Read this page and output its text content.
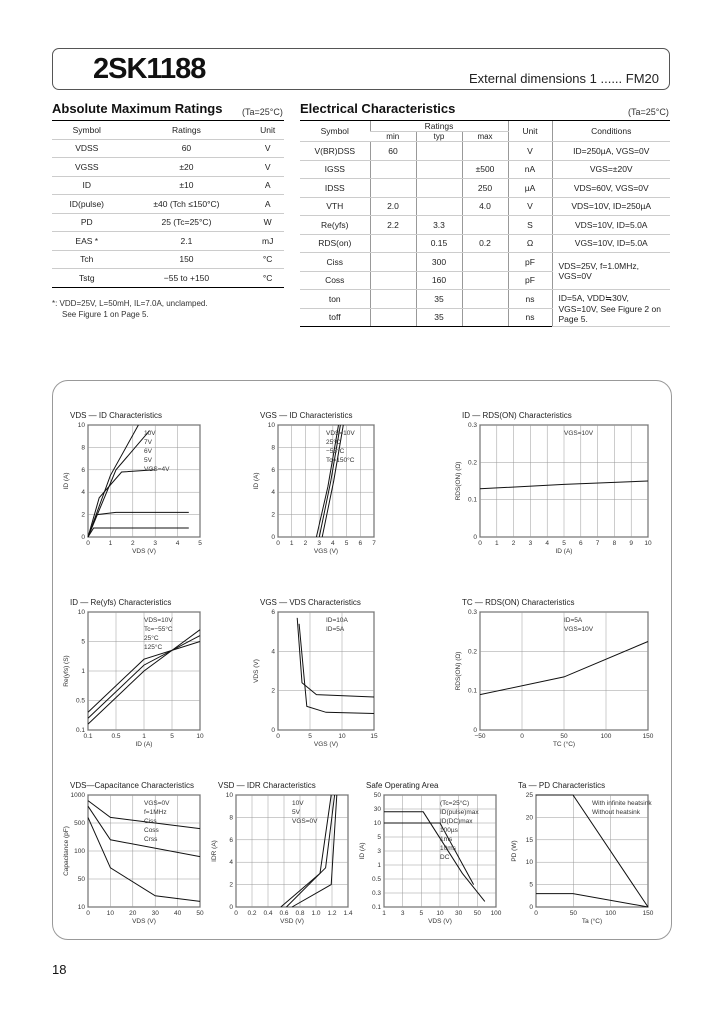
2SK1188	External dimensions 1 ...... FM20
Absolute Maximum Ratings (Ta=25°C)
Symbol	Ratings	Unit
VDSS	60	V
VGSS	±20	V
ID	±10	A
ID(pulse)	±40 (Tch ≤150°C)	A
PD	25 (Tc=25°C)	W
EAS *	2.1	mJ
Tch	150	°C
Tstg	−55 to +150	°C
*: VDD=25V, L=50mH, IL=7.0A, unclamped.
See Figure 1 on Page 5.
Electrical Characteristics	(Ta=25°C)
Symbol	Ratings			Unit	Conditions
	min	typ	max		
V(BR)DSS	60			V	ID=250µA, VGS=0V
IGSS			±500	nA	VGS=±20V
IDSS			250	µA	VDS=60V, VGS=0V
VTH	2.0		4.0	V	VDS=10V, ID=250µA
Re(yfs)	2.2	3.3		S	VDS=10V, ID=5.0A
RDS(on)		0.15	0.2	Ω	VGS=10V, ID=5.0A
Ciss		300		pF	VDS=25V, f=1.0MHz, VGS=0V
Coss		160		pF	
ton		35		ns	ID=5A, VDD≒30V, VGS=10V, See Figure 2 on Page 5.
toff		35		ns	
VDS — ID Characteristics
0	1	2	3	4	5
0
2
4
6
8
10
VDS (V)
ID (A)
10V
7V
6V
5V
VGS=4V
VGS — ID Characteristics
0 1 2 3 4 5 6 7
0
2
4
6
8
10
VGS (V)
ID (A)
VDS=10V
25°C
−55°C
Tc=150°C
ID — RDS(ON) Characteristics
0 1 2 3 4 5 6 7 8 9 10
0
0.1
0.2
0.3
ID (A)
RDS(ON) (Ω)
VGS=10V
ID — Re(yfs) Characteristics
0.1	0.5	1	5	10
0.1
0.5
1
5
10
ID (A)
Re(yfs) (S)
VDS=10V
Tc=−55°C
25°C
125°C
VGS — VDS Characteristics
0	5	10	15
0
2
4
6
VGS (V)
VDS (V)
ID=10A
ID=5A
TC — RDS(ON) Characteristics
−50	0	50	100	150
0
0.1
0.2
0.3
TC (°C)
RDS(ON) (Ω)
ID=5A
VGS=10V
VDS—Capacitance Characteristics
0	10 20 30 40 50
10
50
100
500
1000
VDS (V)
Capacitance (pF)
VGS=0V
f=1MHz
Ciss
Coss
Crss
VSD — IDR Characteristics
0 0.2 0.4 0.6 0.8 1.0 1.2 1.4
0
2
4
6
8
10
VSD (V)
IDR (A)
10V
5V
VGS=0V
Safe Operating Area
1 3 5 10 30 50 100
0.1
0.3
0.5
1
3
5
10
30
50
VDS (V)
ID (A)
(Tc=25°C)
ID(pulse)max
ID(DC)max
100µs
1ms
10ms
DC
Ta — PD Characteristics
0	50	100	150
0
5
10
15
20
25
Ta (°C)
PD (W)
With infinite heatsink
Without heatsink
18
